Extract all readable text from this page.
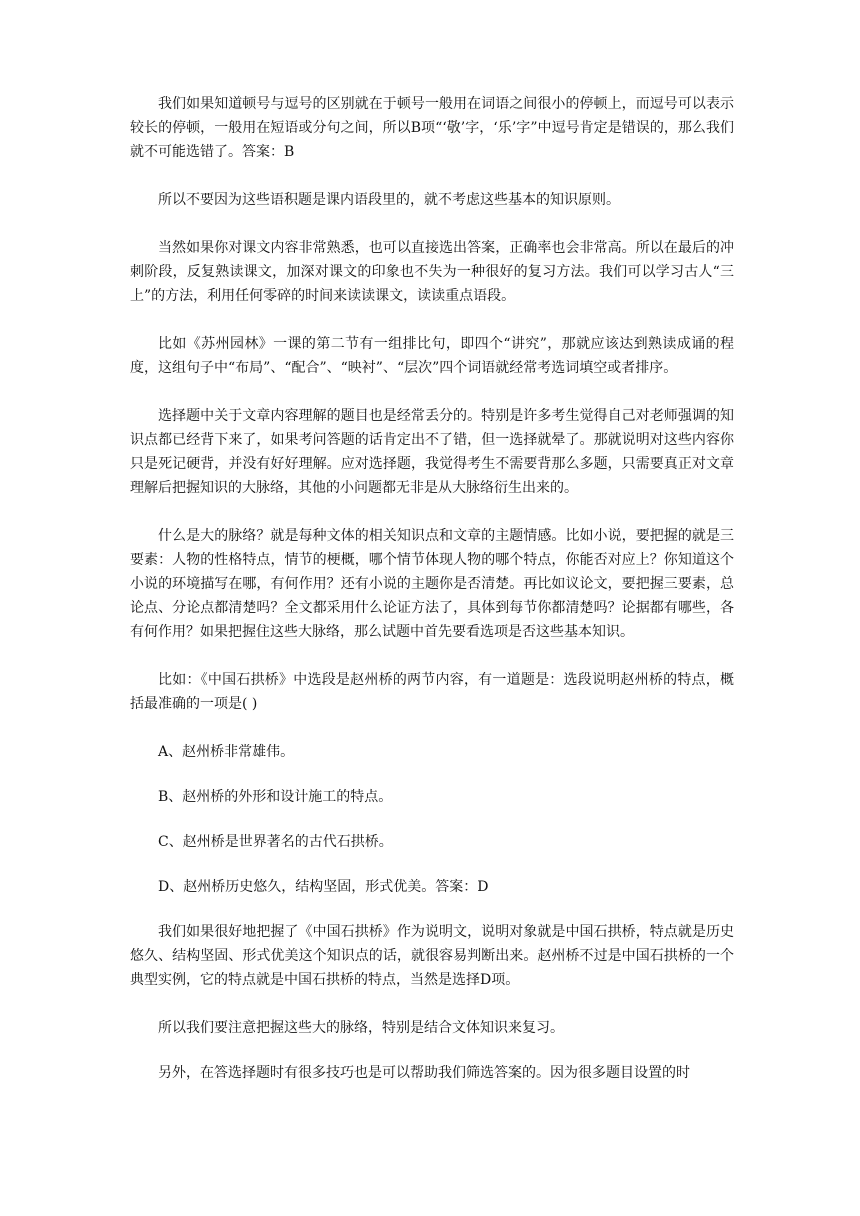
我们如果知道顿号与逗号的区别就在于顿号一般用在词语之间很小的停顿上，而逗号可以表示较长的停顿，一般用在短语或分句之间，所以B项“‘敬’字，‘乐’字”中逗号肯定是错误的，那么我们就不可能选错了。答案：B

所以不要因为这些语积题是课内语段里的，就不考虑这些基本的知识原则。

当然如果你对课文内容非常熟悉，也可以直接选出答案，正确率也会非常高。所以在最后的冲刺阶段，反复熟读课文，加深对课文的印象也不失为一种很好的复习方法。我们可以学习古人“三上”的方法，利用任何零碎的时间来读读课文，读读重点语段。

比如《苏州园林》一课的第二节有一组排比句，即四个“讲究”，那就应该达到熟读成诵的程度，这组句子中“布局”、“配合”、“映衬”、“层次”四个词语就经常考选词填空或者排序。

选择题中关于文章内容理解的题目也是经常丢分的。特别是许多考生觉得自己对老师强调的知识点都已经背下来了，如果考问答题的话肯定出不了错，但一选择就晕了。那就说明对这些内容你只是死记硬背，并没有好好理解。应对选择题，我觉得考生不需要背那么多题，只需要真正对文章理解后把握知识的大脉络，其他的小问题都无非是从大脉络衍生出来的。

什么是大的脉络？就是每种文体的相关知识点和文章的主题情感。比如小说，要把握的就是三要素：人物的性格特点，情节的梗概，哪个情节体现人物的哪个特点，你能否对应上？你知道这个小说的环境描写在哪，有何作用？还有小说的主题你是否清楚。再比如议论文，要把握三要素，总论点、分论点都清楚吗？全文都采用什么论证方法了，具体到每节你都清楚吗？论据都有哪些，各有何作用？如果把握住这些大脉络，那么试题中首先要看选项是否这些基本知识。

比如：《中国石拱桥》中选段是赵州桥的两节内容，有一道题是：选段说明赵州桥的特点，概括最准确的一项是( )

A、赵州桥非常雄伟。

B、赵州桥的外形和设计施工的特点。

C、赵州桥是世界著名的古代石拱桥。

D、赵州桥历史悠久，结构坚固，形式优美。答案：D

我们如果很好地把握了《中国石拱桥》作为说明文，说明对象就是中国石拱桥，特点就是历史悠久、结构坚固、形式优美这个知识点的话，就很容易判断出来。赵州桥不过是中国石拱桥的一个典型实例，它的特点就是中国石拱桥的特点，当然是选择D项。

所以我们要注意把握这些大的脉络，特别是结合文体知识来复习。

另外，在答选择题时有很多技巧也是可以帮助我们筛选答案的。因为很多题目设置的时
